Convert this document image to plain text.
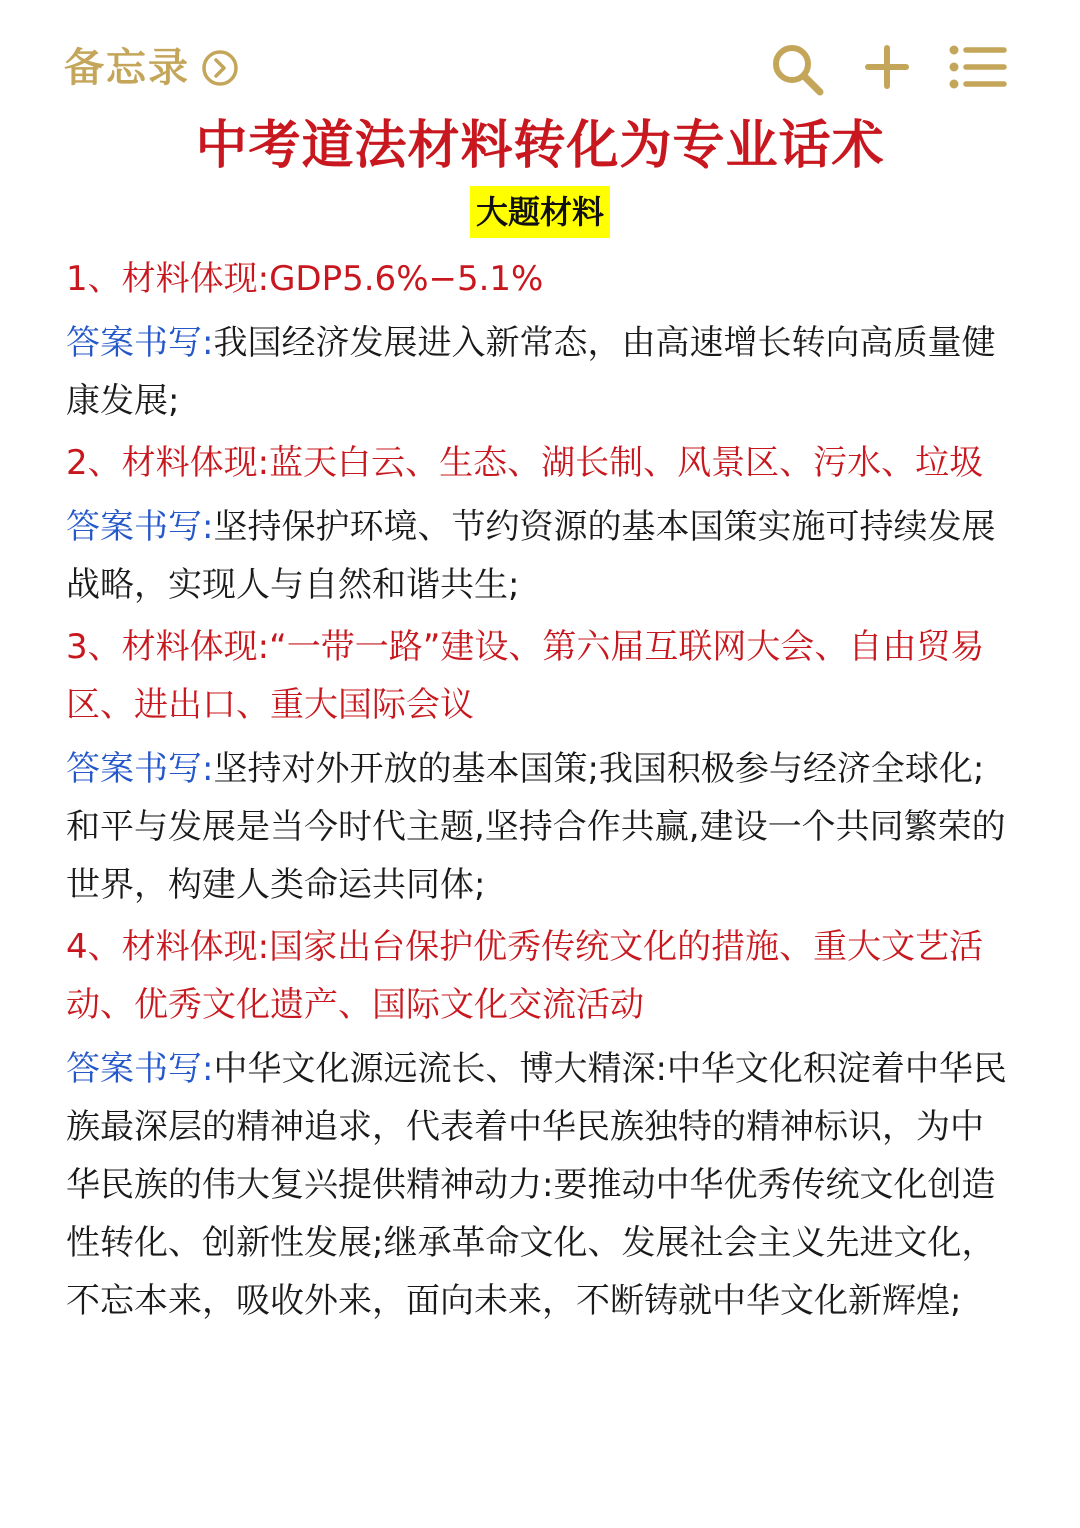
备忘录
中考道法材料转化为专业话术
大题材料

1、材料体现:GDP5.6%−5.1%

答案书写:我国经济发展进入新常态，由高速增长转向高质量健康发展;

2、材料体现:蓝天白云、生态、湖长制、风景区、污水、垃圾

答案书写:坚持保护环境、节约资源的基本国策实施可持续发展战略，实现人与自然和谐共生;

3、材料体现:“一带一路”建设、第六届互联网大会、自由贸易区、进出口、重大国际会议

答案书写:坚持对外开放的基本国策;我国积极参与经济全球化;和平与发展是当今时代主题,坚持合作共赢,建设一个共同繁荣的世界，构建人类命运共同体;

4、材料体现:国家出台保护优秀传统文化的措施、重大文艺活动、优秀文化遗产、国际文化交流活动

答案书写:中华文化源远流长、博大精深:中华文化积淀着中华民族最深层的精神追求，代表着中华民族独特的精神标识，为中华民族的伟大复兴提供精神动力:要推动中华优秀传统文化创造性转化、创新性发展;继承革命文化、发展社会主义先进文化，不忘本来，吸收外来，面向未来，不断铸就中华文化新辉煌;
